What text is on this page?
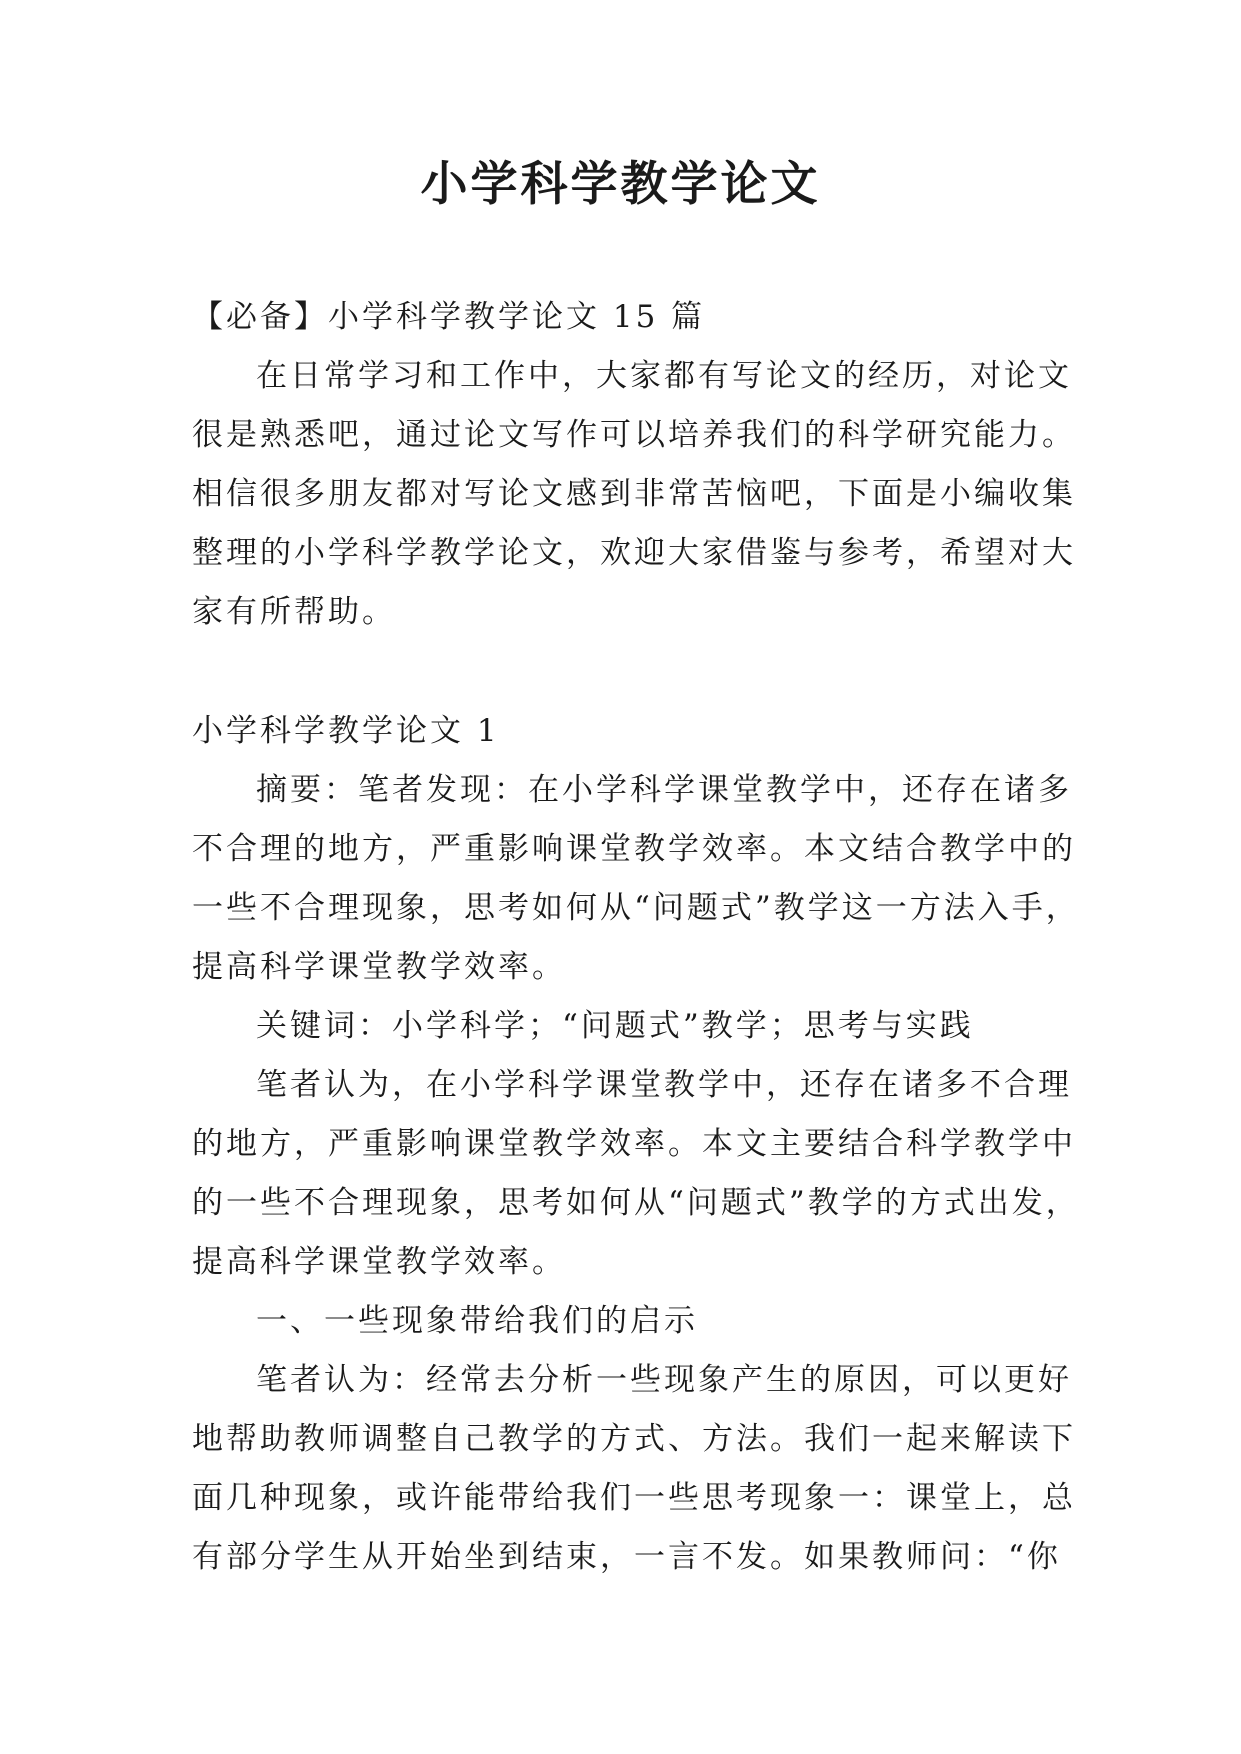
小学科学教学论文

【必备】小学科学教学论文 15 篇

在日常学习和工作中，大家都有写论文的经历，对论文

很是熟悉吧，通过论文写作可以培养我们的科学研究能力。

相信很多朋友都对写论文感到非常苦恼吧，下面是小编收集

整理的小学科学教学论文，欢迎大家借鉴与参考，希望对大

家有所帮助。

小学科学教学论文 1

摘要：笔者发现：在小学科学课堂教学中，还存在诸多

不合理的地方，严重影响课堂教学效率。本文结合教学中的

一些不合理现象，思考如何从“问题式”教学这一方法入手，

提高科学课堂教学效率。

关键词：小学科学；“问题式”教学；思考与实践

笔者认为，在小学科学课堂教学中，还存在诸多不合理

的地方，严重影响课堂教学效率。本文主要结合科学教学中

的一些不合理现象，思考如何从“问题式”教学的方式出发，

提高科学课堂教学效率。

一、一些现象带给我们的启示

笔者认为：经常去分析一些现象产生的原因，可以更好

地帮助教师调整自己教学的方式、方法。我们一起来解读下

面几种现象，或许能带给我们一些思考现象一：课堂上，总

有部分学生从开始坐到结束，一言不发。如果教师问：“你
